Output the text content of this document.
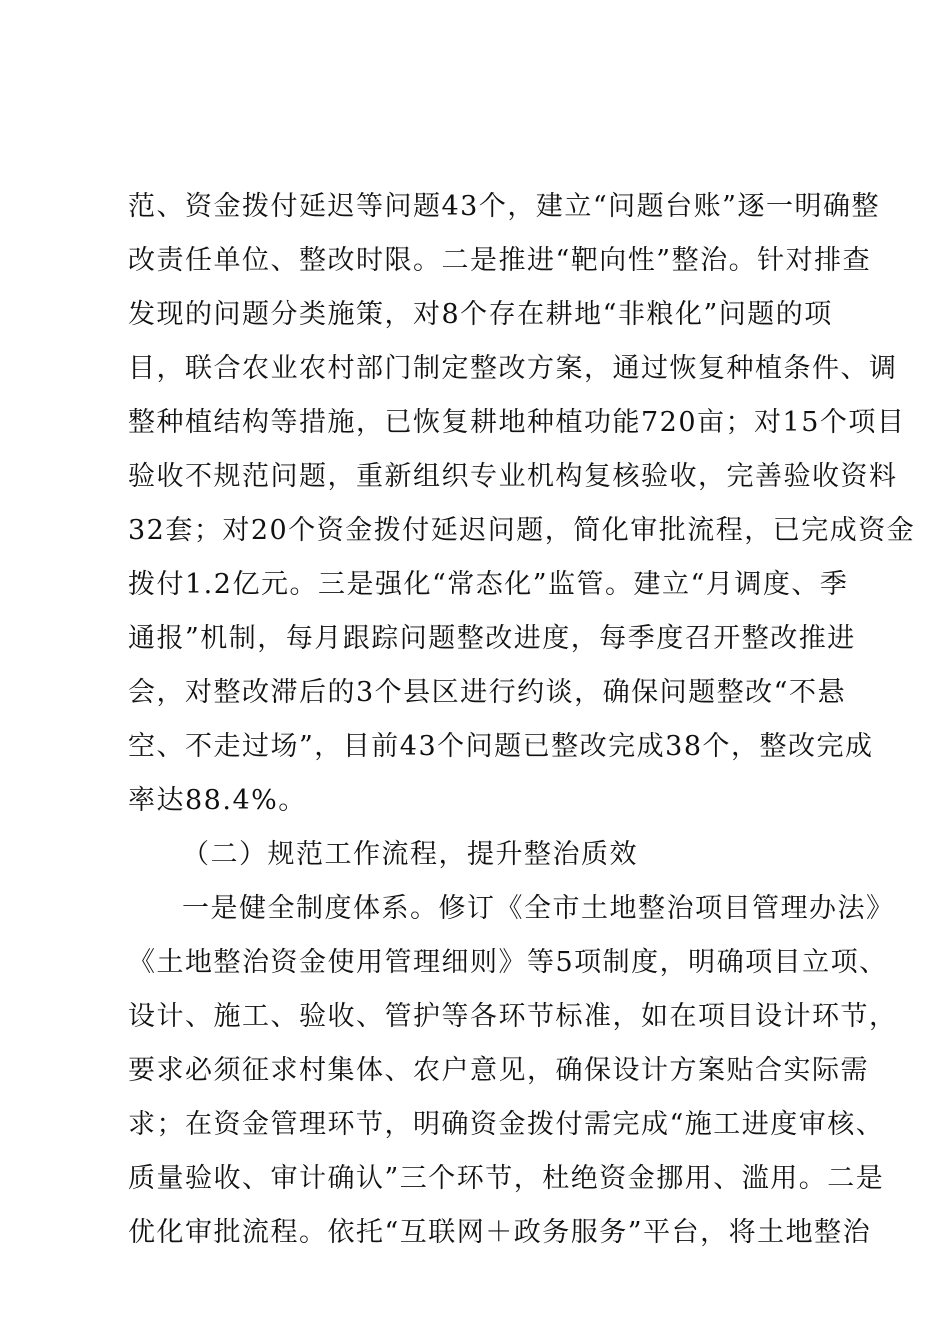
范、资金拨付延迟等问题43个，建立“问题台账”逐一明确整
改责任单位、整改时限。二是推进“靶向性”整治。针对排查
发现的问题分类施策，对8个存在耕地“非粮化”问题的项
目，联合农业农村部门制定整改方案，通过恢复种植条件、调
整种植结构等措施，已恢复耕地种植功能720亩；对15个项目
验收不规范问题，重新组织专业机构复核验收，完善验收资料
32套；对20个资金拨付延迟问题，简化审批流程，已完成资金
拨付1.2亿元。三是强化“常态化”监管。建立“月调度、季
通报”机制，每月跟踪问题整改进度，每季度召开整改推进
会，对整改滞后的3个县区进行约谈，确保问题整改“不悬
空、不走过场”，目前43个问题已整改完成38个，整改完成
率达88.4%。
（二）规范工作流程，提升整治质效
一是健全制度体系。修订《全市土地整治项目管理办法》
《土地整治资金使用管理细则》等5项制度，明确项目立项、
设计、施工、验收、管护等各环节标准，如在项目设计环节，
要求必须征求村集体、农户意见，确保设计方案贴合实际需
求；在资金管理环节，明确资金拨付需完成“施工进度审核、
质量验收、审计确认”三个环节，杜绝资金挪用、滥用。二是
优化审批流程。依托“互联网＋政务服务”平台，将土地整治
